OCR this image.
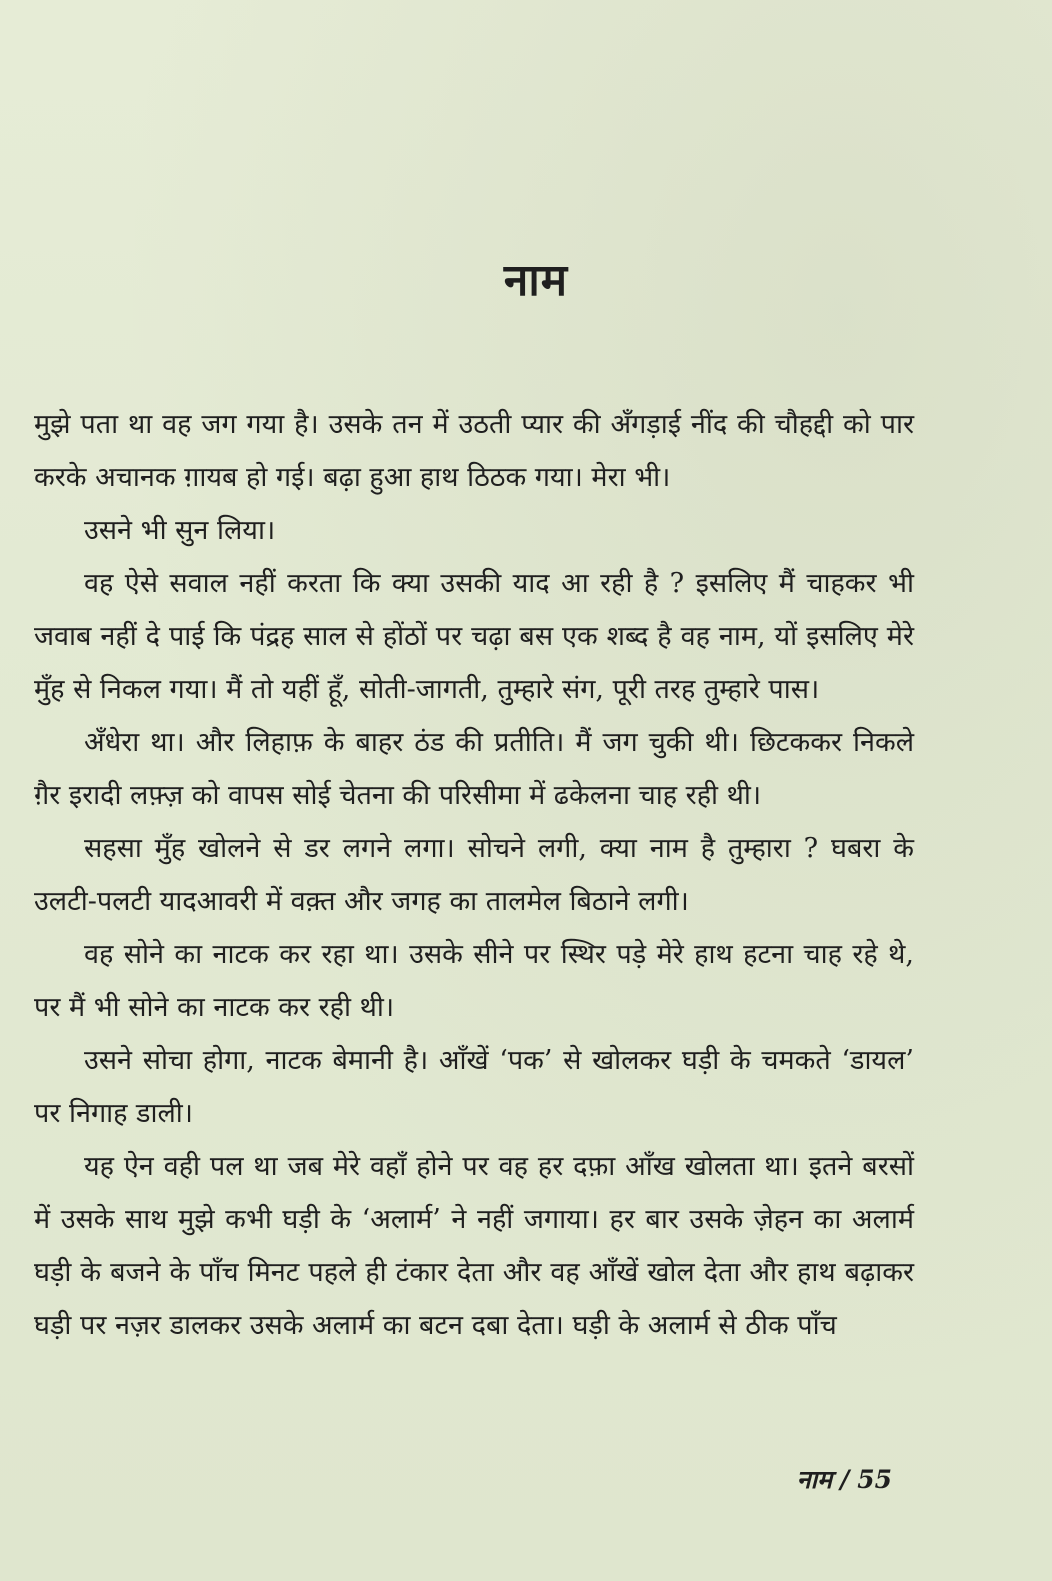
नाम

मुझे पता था वह जग गया है। उसके तन में उठती प्यार की अँगड़ाई नींद की चौहद्दी को पार करके अचानक ग़ायब हो गई। बढ़ा हुआ हाथ ठिठक गया। मेरा भी।

उसने भी सुन लिया।

वह ऐसे सवाल नहीं करता कि क्या उसकी याद आ रही है ? इसलिए मैं चाहकर भी जवाब नहीं दे पाई कि पंद्रह साल से होंठों पर चढ़ा बस एक शब्द है वह नाम, यों इसलिए मेरे मुँह से निकल गया। मैं तो यहीं हूँ, सोती-जागती, तुम्हारे संग, पूरी तरह तुम्हारे पास।

अँधेरा था। और लिहाफ़ के बाहर ठंड की प्रतीति। मैं जग चुकी थी। छिटककर निकले ग़ैर इरादी लफ़्ज़ को वापस सोई चेतना की परिसीमा में ढकेलना चाह रही थी।

सहसा मुँह खोलने से डर लगने लगा। सोचने लगी, क्या नाम है तुम्हारा ? घबरा के उलटी-पलटी यादआवरी में वक़्त और जगह का तालमेल बिठाने लगी।

वह सोने का नाटक कर रहा था। उसके सीने पर स्थिर पड़े मेरे हाथ हटना चाह रहे थे, पर मैं भी सोने का नाटक कर रही थी।

उसने सोचा होगा, नाटक बेमानी है। आँखें ‘पक’ से खोलकर घड़ी के चमकते ‘डायल’ पर निगाह डाली।

यह ऐन वही पल था जब मेरे वहाँ होने पर वह हर दफ़ा आँख खोलता था। इतने बरसों में उसके साथ मुझे कभी घड़ी के ‘अलार्म’ ने नहीं जगाया। हर बार उसके ज़ेहन का अलार्म घड़ी के बजने के पाँच मिनट पहले ही टंकार देता और वह आँखें खोल देता और हाथ बढ़ाकर घड़ी पर नज़र डालकर उसके अलार्म का बटन दबा देता। घड़ी के अलार्म से ठीक पाँच

नाम / 55
